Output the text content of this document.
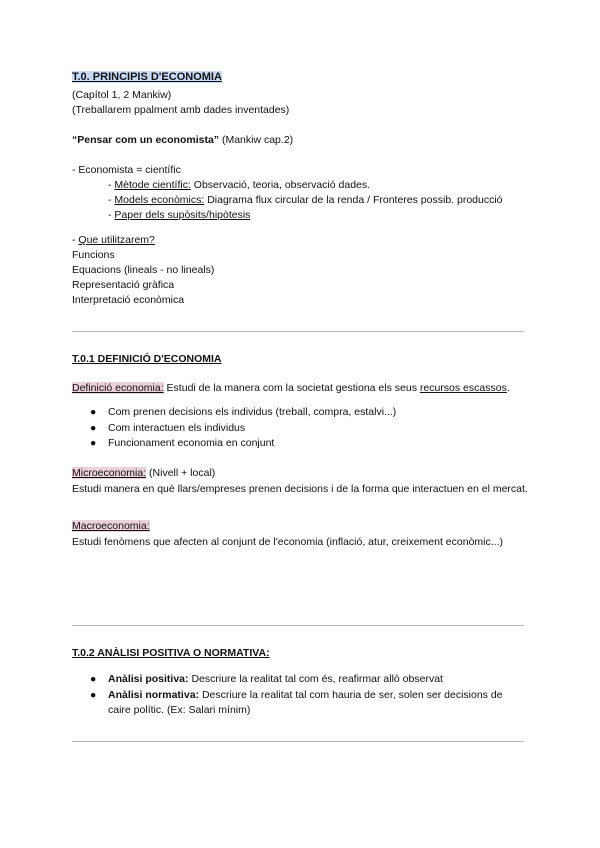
T.0. PRINCIPIS D'ECONOMIA
(Capítol 1, 2 Mankiw)
(Treballarem ppalment amb dades inventades)
“Pensar com un economista” (Mankiw cap.2)
- Economista = científic
- Mètode científic: Observació, teoria, observació dades.
- Models econòmics: Diagrama flux circular de la renda / Fronteres possib. producció
- Paper dels supòsits/hipòtesis
- Que utilitzarem?
Funcions
Equacions (lineals - no lineals)
Representació gràfica
Interpretació econòmica
T.0.1 DEFINICIÓ D'ECONOMIA
Definició economia: Estudi de la manera com la societat gestiona els seus recursos escassos.
● Com prenen decisions els individus (treball, compra, estalvi...)
● Com interactuen els individus
● Funcionament economia en conjunt
Microeconomia: (Nivell + local)
Estudi manera en què llars/empreses prenen decisions i de la forma que interactuen en el mercat.
Macroeconomia:
Estudi fenòmens que afecten al conjunt de l'economia (inflació, atur, creixement econòmic...)
T.0.2 ANÀLISI POSITIVA O NORMATIVA:
● Anàlisi positiva: Descriure la realitat tal com és, reafirmar allò observat
● Anàlisi normativa: Descriure la realitat tal com hauria de ser, solen ser decisions de caire polític. (Ex: Salari mínim)
